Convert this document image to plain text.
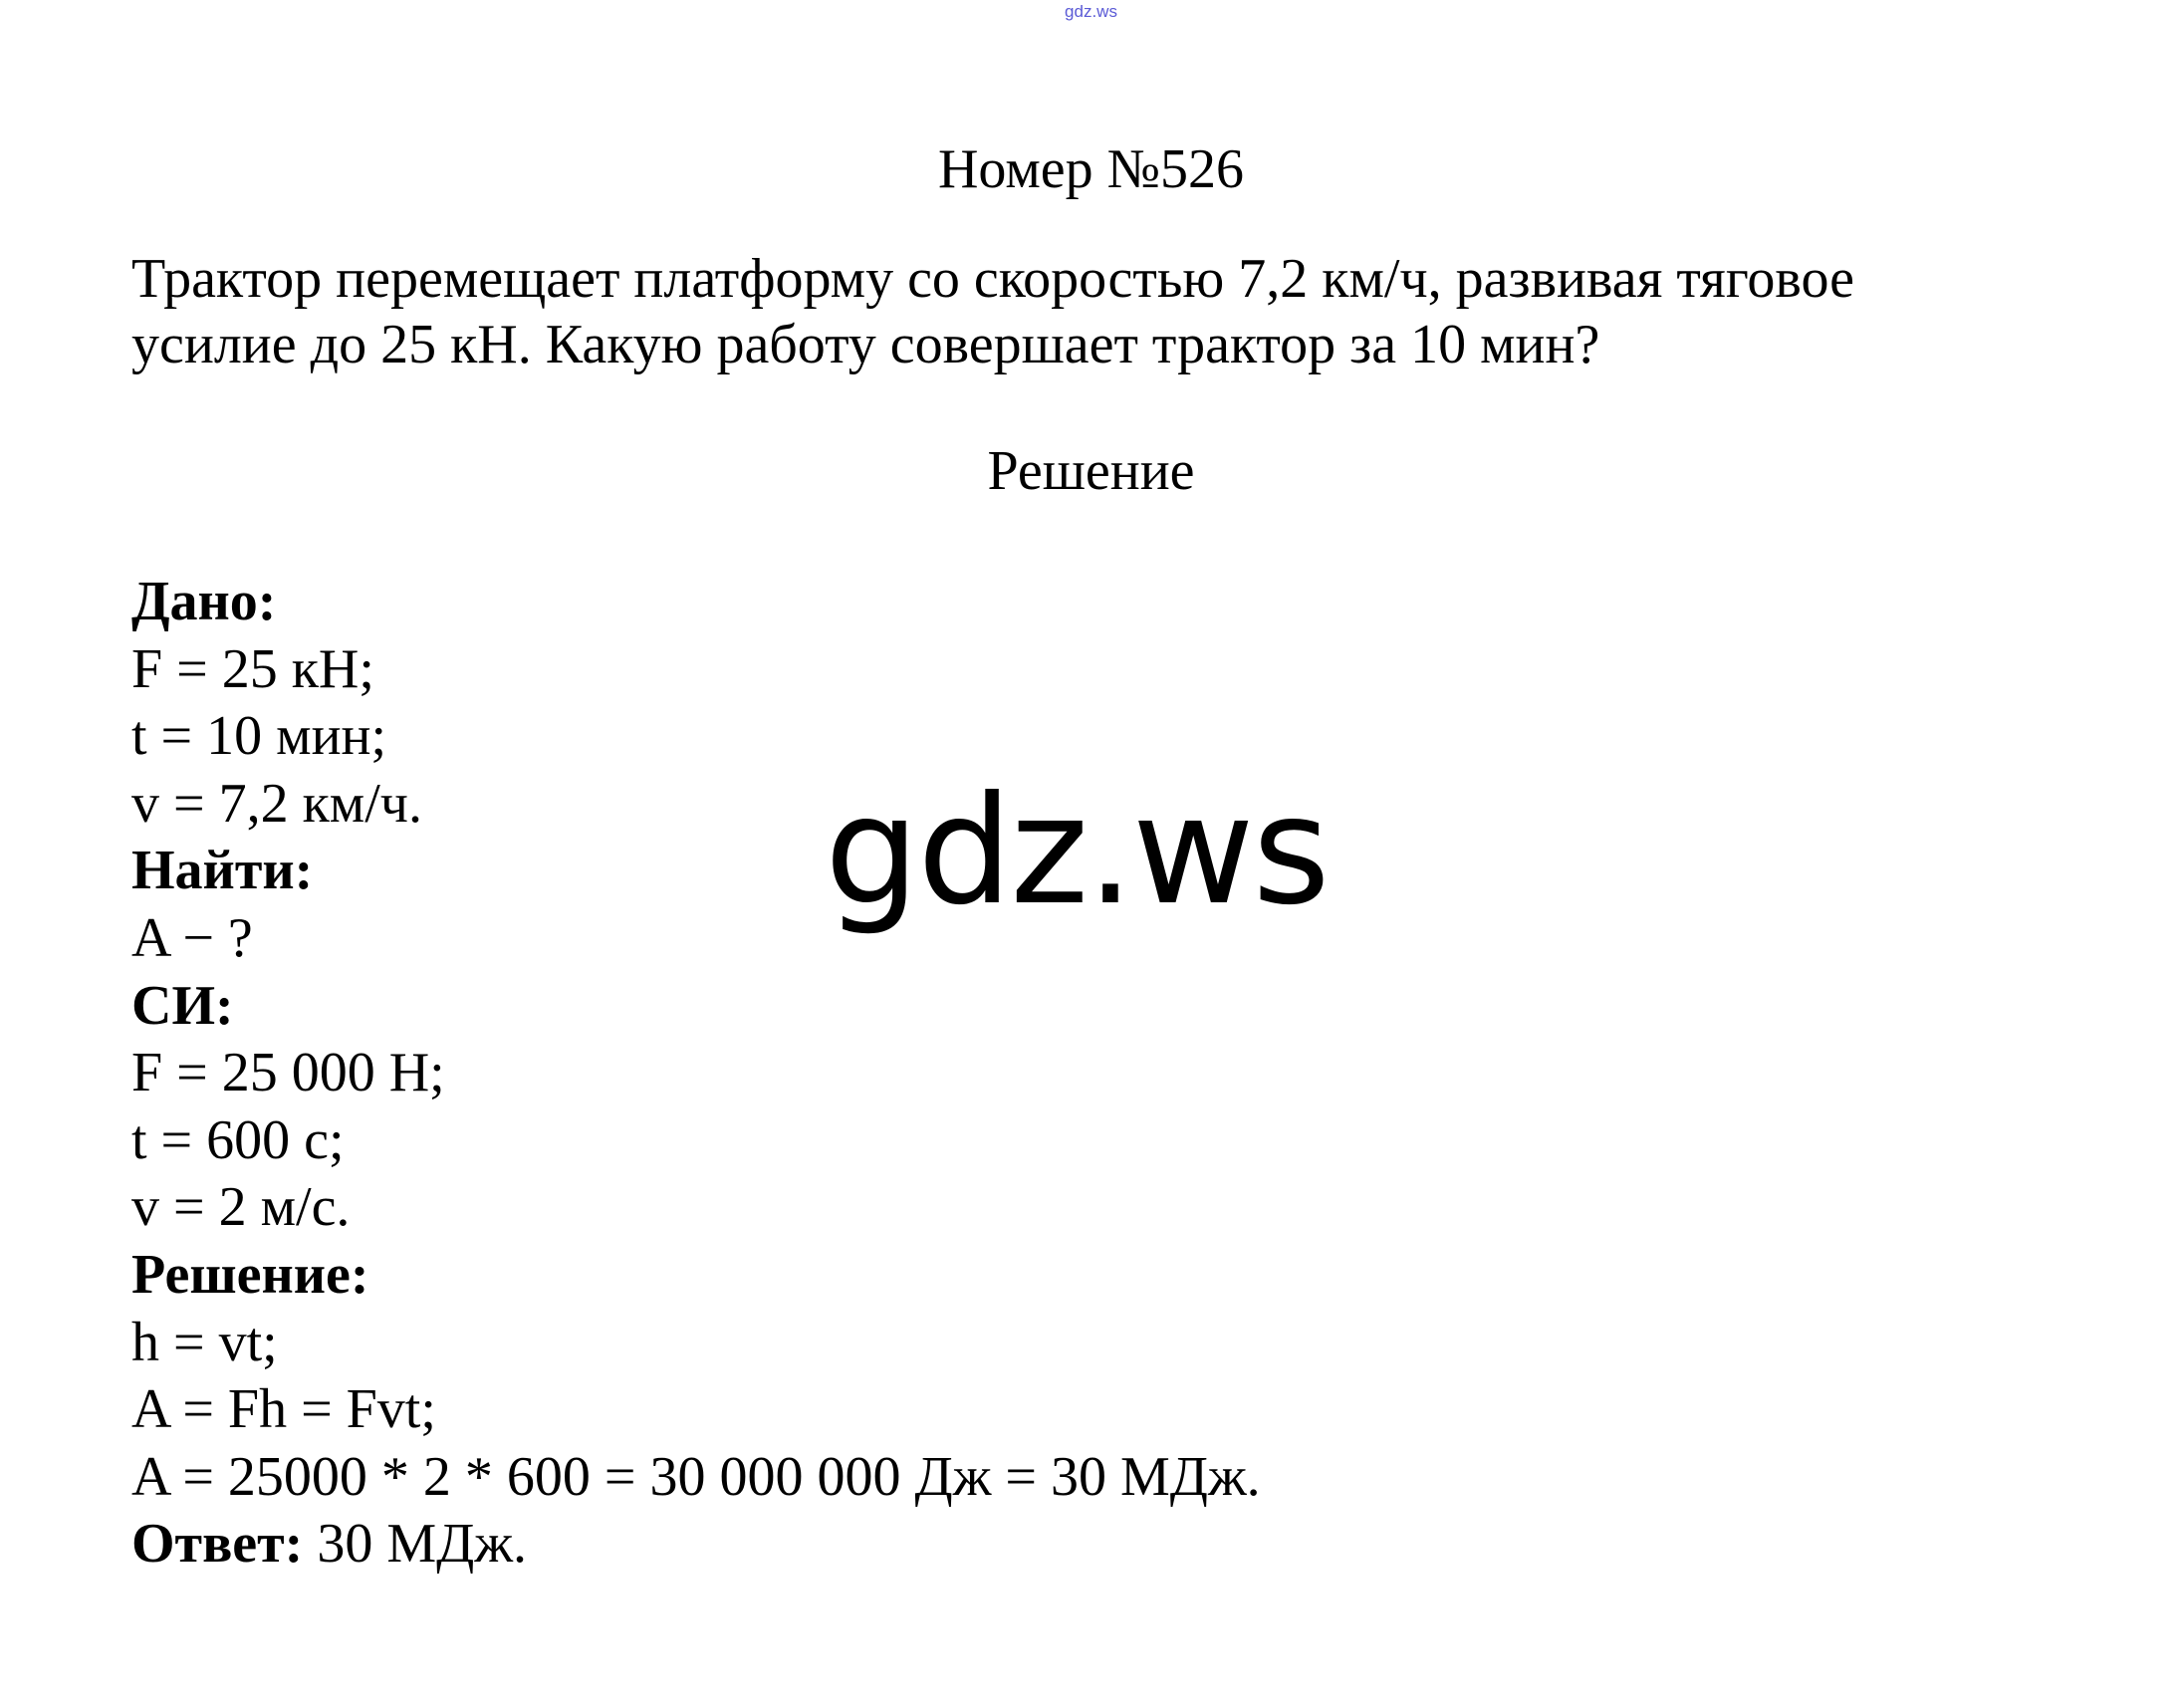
gdz.ws
Номер №526
Трактор перемещает платформу со скоростью 7,2 км/ч, развивая тяговое
усилие до 25 кН. Какую работу совершает трактор за 10 мин?
Решение
Дано:
F = 25 кН;
t = 10 мин;
v = 7,2 км/ч.
Найти:
A − ?
СИ:
F = 25 000 Н;
t = 600 с;
v = 2 м/с.
Решение:
h = vt;
A = Fh = Fvt;
A = 25000 * 2 * 600 = 30 000 000 Дж = 30 МДж.
Ответ: 30 МДж.
gdz.ws
